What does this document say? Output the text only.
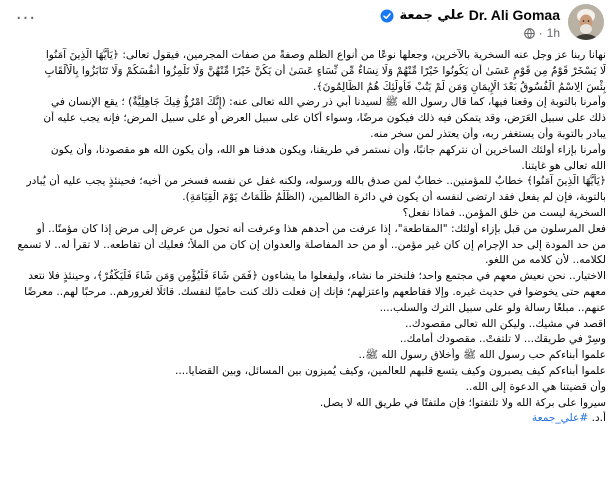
Dr. Ali Gomaa
علي جمعة
1h
·
···

نهانا ربنا عز وجل عنه السخرية بالآخرين، وجعلها نوعًا من أنواع الظلم وصفةً من صفات المجرمين، فيقول تعالى: ﴿يَأَيُّهَا الَّذِينَ آمَنُوا

لَا يَسْخَرْ قَوْمٌ مِن قَوْمٍ عَسَىٰ أَن يَكُونُوا خَيْرًا مِّنْهُمْ وَلَا نِسَاءٌ مِّن نِّسَاءٍ عَسَىٰ أَن يَكُنَّ خَيْرًا مِّنْهُنَّ وَلَا تَلْمِزُوا أَنفُسَكُمْ وَلَا تَنَابَزُوا بِالْأَلْقَابِ

بِئْسَ الِاسْمُ الْفُسُوقُ بَعْدَ الْإِيمَانِ وَمَن لَّمْ يَتُبْ فَأُولَٰئِكَ هُمُ الظَّالِمُونَ﴾.

وأمرنا بالتوبة إن وقعنا فيها، كما قال رسول الله ﷺ لسيدنا أبي ذر رضي الله تعالى عنه: (إِنَّكَ امْرُؤٌ فِيكَ جَاهِلِيَّةٌ) ؛ يقع الإنسان في

ذلك على سبيل العَرَض، وقد يتمكن فيه ذلك فيكون مرضًا، وسواء أكان على سبيل العرض أو على سبيل المرض؛ فإنه يجب عليه أن

يبادر بالتوبة وأن يستغفر ربه، وأن يعتذر لمن سخر منه.

وأمرنا بإزاء أولئك الساخرين أن نتركهم جانبًا، وأن نستمر في طريقنا، ويكون هدفنا هو الله، وأن يكون الله هو مقصودنا، وأن يكون

الله تعالى هو غايتنا.

﴿يَأَيُّهَا الَّذِينَ آمَنُوا﴾ خطابٌ للمؤمنين.. خطابٌ لمن صدق بالله ورسوله، ولكنه غفل عن نفسه فسخر من أخيه؛ فحينئذٍ يجب عليه أن يُبادر

بالتوبة، فإن لم يفعل فقد ارتضى لنفسه أن يكون في دائرة الظالمين، (الظُّلْمُ ظُلُمَاتٌ يَوْمَ الْقِيَامَةِ).

السخرية ليست من خلق المؤمن.. فماذا نفعل؟

فعل المرسلون من قبل بإزاء أولئك: "المقاطعة"، إذا عرفت من أحدهم هذا وعرفت أنه تحول من عرض إلى مرض إذا كان مؤمنًا.. أو

من حد المودة إلى حد الإجرام إن كان غير مؤمن.. أو من حد المفاصلة والعدوان إن كان من الملأ؛ فعليك أن تقاطعه.. لا تقرأ له.. لا تسمع

لكلامه.. لأن كلامه من اللغو.

الاختيار.. نحن نعيش معهم في مجتمع واحد؛ فلنختر ما نشاء، وليفعلوا ما يشاءون ﴿فَمَن شَاءَ فَلْيُؤْمِن وَمَن شَاءَ فَلْيَكْفُرْ﴾، وحينئذٍ فلا نتعد

معهم حتى يخوضوا في حديث غيره. وإلا فقاطعهم واعتزلهم؛ فإنك إن فعلت ذلك كنت حاميًا لنفسك. قائلًا لغرورهم.. مرحبًا لهم.. معرضًا

عنهم.. مبلغًا رسالة ولو على سبيل الترك والسلب....

اقصد في مشيك.. وليكن الله تعالى مقصودك..

وسِرْ في طريقك... لا تلتفتْ.. مقصودك أمامك..

علموا أبناءكم حب رسول الله ﷺ وأخلاق رسول الله ﷺ..

علموا أبناءكم كيف يصبرون وكيف يتسع قلبهم للعالمين، وكيف يُميزون بين المسائل، وبين القضايا....

وأن قضيتنا هي الدعوة إلى الله..

سيروا على بركة الله ولا تلتفتوا؛ فإن ملتفتًا في طريق الله لا يصل.

أ.د. #علي_جمعة
